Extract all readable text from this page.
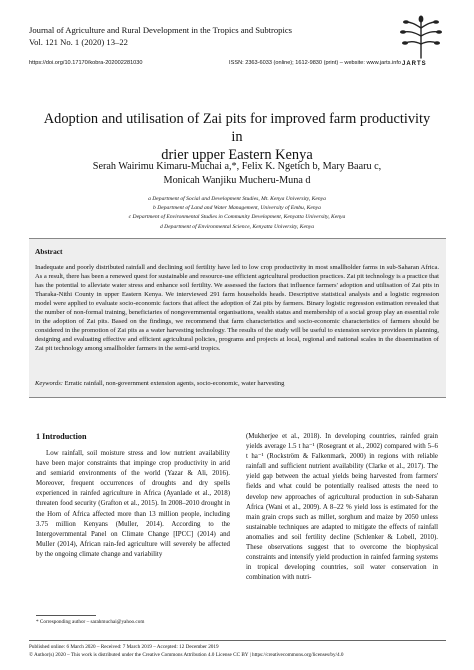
Journal of Agriculture and Rural Development in the Tropics and Subtropics
Vol. 121 No. 1 (2020) 13–22
https://doi.org/10.17170/kobra-202002281030	ISSN: 2363-6033 (online); 1612-9830 (print) – website: www.jarts.info JARTS
Adoption and utilisation of Zai pits for improved farm productivity in
drier upper Eastern Kenya
Serah Wairimu Kimaru-Muchai a,*, Felix K. Ngetich b, Mary Baaru c,
Monicah Wanjiku Mucheru-Muna d
a Department of Social and Development Studies, Mt. Kenya University, Kenya
b Department of Land and Water Management, University of Embu, Kenya
c Department of Environmental Studies in Community Development, Kenyatta University, Kenya
d Department of Environmental Science, Kenyatta University, Kenya
Abstract
Inadequate and poorly distributed rainfall and declining soil fertility have led to low crop productivity in most smallholder farms in sub-Saharan Africa. As a result, there has been a renewed quest for sustainable and resource-use efficient agricultural production practices. Zai pit technology is a practice that has the potential to alleviate water stress and enhance soil fertility. We assessed the factors that influence farmers' adoption and utilisation of Zai pits in Tharaka-Nithi County in upper Eastern Kenya. We interviewed 291 farm households heads. Descriptive statistical analysis and a logistic regression model were applied to evaluate socio-economic factors that affect the adoption of Zai pits by farmers. Binary logistic regression estimation revealed that the number of non-formal training, beneficiaries of nongovernmental organisations, wealth status and membership of a social group play an essential role in the adoption of Zai pits. Based on the findings, we recommend that farm characteristics and socio-economic characteristics of farmers should be considered in the promotion of Zai pits as a water harvesting technology. The results of the study will be useful to extension service providers in planning, designing and evaluating effective and efficient agricultural policies, programs and projects at local, regional and national scales in the dissemination of Zai pit technology among smallholder farmers in the semi-arid tropics.
Keywords: Erratic rainfall, non-government extension agents, socio-economic, water harvesting
1 Introduction
Low rainfall, soil moisture stress and low nutrient availability have been major constraints that impinge crop productivity in arid and semiarid environments of the world (Yazar & Ali, 2016). Moreover, frequent occurrences of droughts and dry spells experienced in rainfed agriculture in Africa (Ayanlade et al., 2018) threaten food security (Grafton et al., 2015). In 2008–2010 drought in the Horn of Africa affected more than 13 million people, including 3.75 million Kenyans (Muller, 2014). According to the Intergovernmental Panel on Climate Change [IPCC] (2014) and Muller (2014), African rain-fed agriculture will severely be affected by the ongoing climate change and variability
(Mukherjee et al., 2018). In developing countries, rainfed grain yields average 1.5 t ha⁻¹ (Rosegrant et al., 2002) compared with 5–6 t ha⁻¹ (Rockström & Falkenmark, 2000) in regions with reliable rainfall and sufficient nutrient availability (Clarke et al., 2017). The yield gap between the actual yields being harvested from farmers' fields and what could be potentially realised attests the need to develop new approaches of agricultural production in sub-Saharan Africa (Wani et al., 2009). A 8–22 % yield loss is estimated for the main grain crops such as millet, sorghum and maize by 2050 unless sustainable techniques are adapted to mitigate the effects of rainfall anomalies and soil fertility decline (Schlenker & Lobell, 2010). These observations suggest that to overcome the biophysical constraints and intensify yield production in rainfed farming systems in tropical developing countries, soil water conservation in combination with nutri-
* Corresponding author – sarahmuchai@yahoo.com
Published online: 6 March 2020 – Received: 7 March 2019 – Accepted: 12 December 2019
© Author(s) 2020 – This work is distributed under the Creative Commons Attribution 4.0 License CC BY | https://creativecommons.org/licenses/by/4.0
